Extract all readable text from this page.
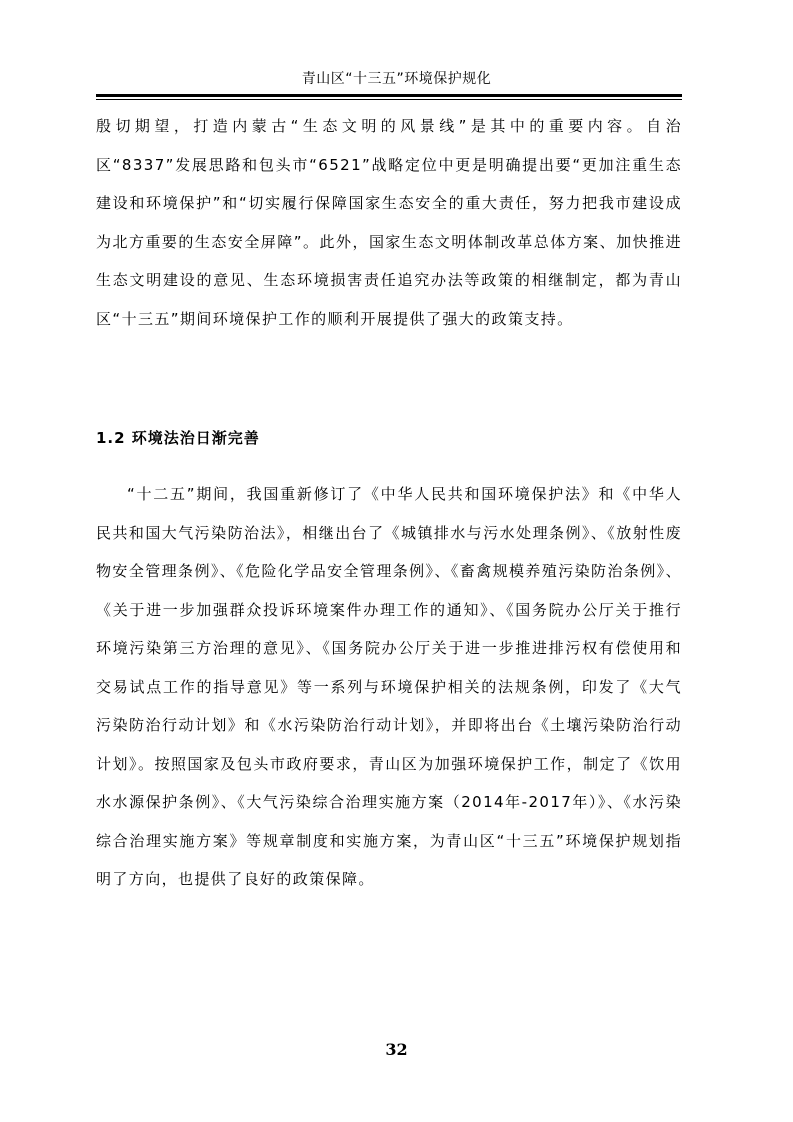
青山区“十三五”环境保护规化

殷切期望，打造内蒙古“生态文明的风景线”是其中的重要内容。自治区“8337”发展思路和包头市“6521”战略定位中更是明确提出要“更加注重生态建设和环境保护”和“切实履行保障国家生态安全的重大责任，努力把我市建设成为北方重要的生态安全屏障”。此外，国家生态文明体制改革总体方案、加快推进生态文明建设的意见、生态环境损害责任追究办法等政策的相继制定，都为青山区“十三五”期间环境保护工作的顺利开展提供了强大的政策支持。

1.2 环境法治日渐完善

“十二五”期间，我国重新修订了《中华人民共和国环境保护法》和《中华人民共和国大气污染防治法》，相继出台了《城镇排水与污水处理条例》、《放射性废物安全管理条例》、《危险化学品安全管理条例》、《畜禽规模养殖污染防治条例》、《关于进一步加强群众投诉环境案件办理工作的通知》、《国务院办公厅关于推行环境污染第三方治理的意见》、《国务院办公厅关于进一步推进排污权有偿使用和交易试点工作的指导意见》等一系列与环境保护相关的法规条例，印发了《大气污染防治行动计划》和《水污染防治行动计划》，并即将出台《土壤污染防治行动计划》。按照国家及包头市政府要求，青山区为加强环境保护工作，制定了《饮用水水源保护条例》、《大气污染综合治理实施方案（2014年-2017年）》、《水污染综合治理实施方案》等规章制度和实施方案，为青山区“十三五”环境保护规划指明了方向，也提供了良好的政策保障。

32
